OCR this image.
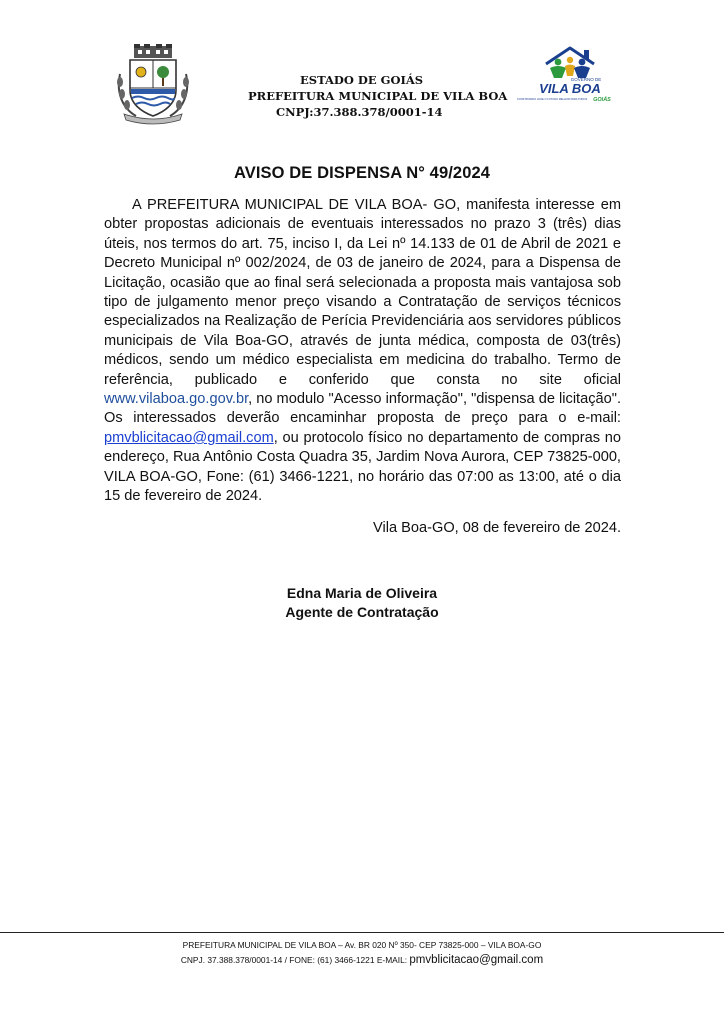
ESTADO DE GOIÁS
PREFEITURA MUNICIPAL DE VILA BOA
CNPJ:37.388.378/0001-14
GOVERNO DE
VILA BOA
CONSTRUINDO HOJE O FUTURO MELHOR PARA TODOS GOIÁS
AVISO DE DISPENSA N° 49/2024

A PREFEITURA MUNICIPAL DE VILA BOA- GO, manifesta interesse em obter propostas adicionais de eventuais interessados no prazo 3 (três) dias úteis, nos termos do art. 75, inciso I, da Lei nº 14.133 de 01 de Abril de 2021 e Decreto Municipal nº 002/2024, de 03 de janeiro de 2024, para a Dispensa de Licitação, ocasião que ao final será selecionada a proposta mais vantajosa sob tipo de julgamento menor preço visando a Contratação de serviços técnicos especializados na Realização de Perícia Previdenciária aos servidores públicos municipais de Vila Boa-GO, através de junta médica, composta de 03(três) médicos, sendo um médico especialista em medicina do trabalho. Termo de referência, publicado e conferido que consta no site oficial www.vilaboa.go.gov.br, no modulo "Acesso informação", "dispensa de licitação". Os interessados deverão encaminhar proposta de preço para o e-mail: pmvblicitacao@gmail.com, ou protocolo físico no departamento de compras no endereço, Rua Antônio Costa Quadra 35, Jardim Nova Aurora, CEP 73825-000, VILA BOA-GO, Fone: (61) 3466-1221, no horário das 07:00 as 13:00, até o dia 15 de fevereiro de 2024.

Vila Boa-GO, 08 de fevereiro de 2024.
Edna Maria de Oliveira
Agente de Contratação
PREFEITURA MUNICIPAL DE VILA BOA – Av. BR 020 Nº 350- CEP 73825-000 – VILA BOA-GO
CNPJ. 37.388.378/0001-14 / FONE: (61) 3466-1221 E-MAIL: pmvblicitacao@gmail.com
